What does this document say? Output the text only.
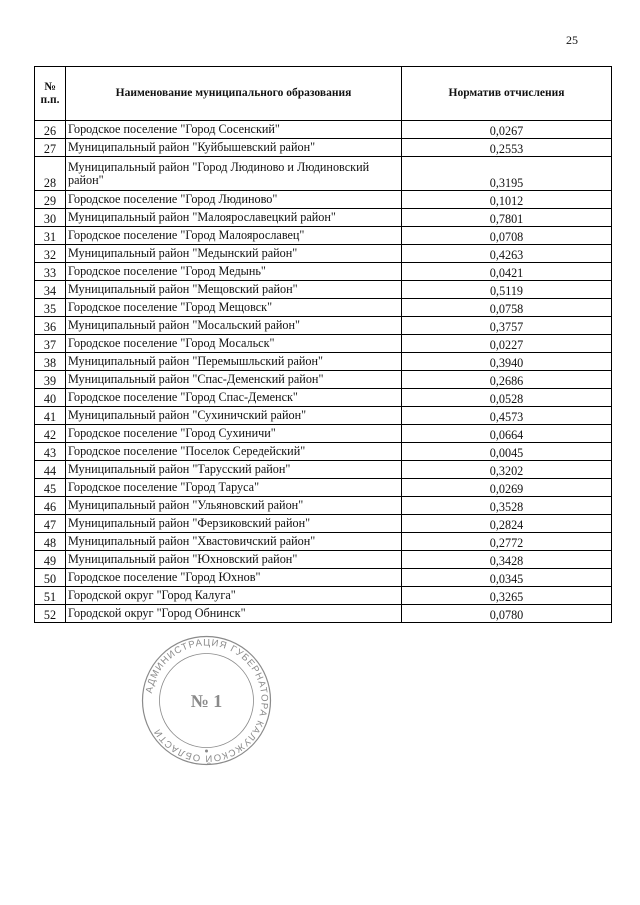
25
№
п.п.	Наименование муниципального образования	Норматив отчисления
26	Городское поселение "Город Сосенский"	0,0267
27	Муниципальный район "Куйбышевский район"	0,2553
28	Муниципальный район "Город Людиново и Людиновский район"	0,3195
29	Городское поселение "Город Людиново"	0,1012
30	Муниципальный район "Малоярославецкий район"	0,7801
31	Городское поселение "Город Малоярославец"	0,0708
32	Муниципальный район "Медынский район"	0,4263
33	Городское поселение "Город Медынь"	0,0421
34	Муниципальный район "Мещовский район"	0,5119
35	Городское поселение "Город Мещовск"	0,0758
36	Муниципальный район "Мосальский район"	0,3757
37	Городское поселение "Город Мосальск"	0,0227
38	Муниципальный район "Перемышльский район"	0,3940
39	Муниципальный район "Спас-Деменский район"	0,2686
40	Городское поселение "Город Спас-Деменск"	0,0528
41	Муниципальный район "Сухиничский район"	0,4573
42	Городское поселение "Город Сухиничи"	0,0664
43	Городское поселение "Поселок Середейский"	0,0045
44	Муниципальный район "Тарусский район"	0,3202
45	Городское поселение "Город Таруса"	0,0269
46	Муниципальный район "Ульяновский район"	0,3528
47	Муниципальный район "Ферзиковский район"	0,2824
48	Муниципальный район "Хвастовичский район"	0,2772
49	Муниципальный район "Юхновский район"	0,3428
50	Городское поселение "Город Юхнов"	0,0345
51	Городской округ "Город Калуга"	0,3265
52	Городской округ "Город Обнинск"	0,0780
АДМИНИСТРАЦИЯ ГУБЕРНАТОРА КАЛУЖСКОЙ ОБЛАСТИ
№ 1
